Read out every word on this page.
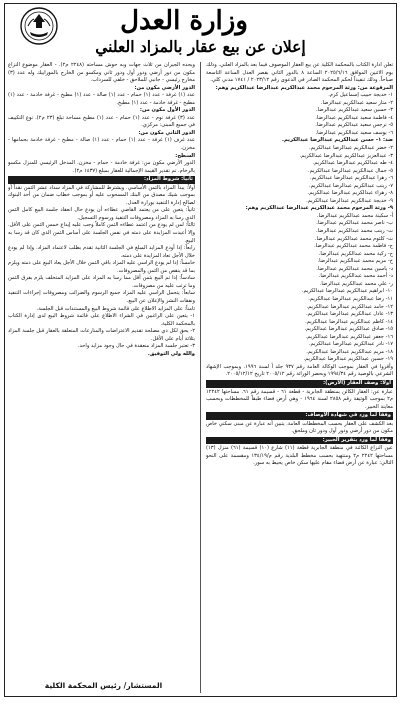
وزارة العدل
إعلان عن بيع عقار بالمزاد العلني

تعلن ادارة الكتاب بالمحكمة الكلية عن بيع العقار الموصوف فيما بعد بالمزاد العلني. وذلك يوم الاثنين الموافق ٢٠٢٥/٦/١٦ الساعة ٨ بالدور الثاني بقصر العدل الساعة التاسعة صباحاً. وذلك تنفيذاً لحكم المحكمة الصادر في الدعوى رقم ٢٠٢٣/١٢ / ١٧٤١ مدني كلي.

المرفوعة من: ورثة المرحوم محمد عبدالكريم عبدالرضا عبدالكريم وهم:

١- خديجة حبيب إسماعيل كرم.

٢- منار سعيد عبدالكريم عبدالرضا.

٣- حسين سعيد عبدالكريم عبدالرضا.

٤- فاطمة سعيد عبدالكريم عبدالرضا.

٥- نرجس سعيد عبدالكريم عبدالرضا.

٦- يوسف سعيد عبدالكريم عبدالرضا.

ضد: ١- حسن عبدالكريم عبدالرضا عبدالكريم.

٢- خضر عبدالكريم عبدالرضا عبدالكريم.

٣- عبدالعزيز عبدالكريم عبدالرضا عبدالكريم.

٤- طه عبدالكريم عبدالرضا عبدالكريم.

٥- جمال عبدالكريم عبدالرضا عبدالكريم.

٦- زهرا عبدالكريم عبدالرضا عبدالكريم.

٧- زينب عبدالكريم عبدالرضا عبدالكريم.

٨- زهراء عبدالكريم عبدالرضا عبدالكريم.

٩- خديجة عبدالكريم عبدالرضا عبدالكريم.

٩- ورثة المرحوم محمد عبدالكريم عبدالرضا عبدالكريم وهم:

أ- سكينة محمد عبدالكريم عبدالرضا.

ب- ناصر محمد عبدالكريم عبدالرضا.

ت- زينب محمد عبدالكريم عبدالرضا.

ث- كلثوم محمد عبدالكريم عبدالرضا.

ج- فاطمة محمد عبدالكريم عبدالرضا.

ح- زكية محمد عبدالكريم عبدالرضا.

خ- مريم محمد عبدالكريم عبدالرضا.

د- ياسين محمد عبدالكريم عبدالرضا.

ذ- أحمد محمد عبدالكريم عبدالرضا.

ر- علي محمد عبدالكريم عبدالرضا.

١٠- ابراهيم عبدالكريم عبدالرضا عبدالكريم.

١١- رضا عبدالكريم عبدالرضا عبدالكريم.

١٢- حامد عبدالكريم عبدالرضا عبدالكريم.

١٣- عادل عبدالكريم عبدالرضا عبدالكريم.

١٤- كاظم عبدالكريم عبدالرضا عبدالكريم.

١٥- صادق عبدالكريم عبدالرضا عبدالكريم.

١٦- جعفر عبدالكريم عبدالرضا عبدالكريم.

١٧- نادر عبدالكريم عبدالرضا عبدالكريم.

١٨- مريم عبدالكريم عبدالرضا عبدالكريم.

١٩- حسين عبدالكريم عبدالرضا عبدالكريم.

وأقروا في العقار بموجب الوكالة العامة رقم ٩٣٧ جلد أ لسنة ١٩٩٦. وبموجب الإشهاد الشرعي بالوصية رقم ١٩٩٤/٣٤ وبحصر الوراثة رقم ٢٠٠٥/١٢ تاريخ ٢٠٠٥/١٢/١٢.

أولاً: وصف العقار (الأرض):

عبارة عن: العقار الكائن بمنطقة الجابرية - قطعة ٦١ - قسيمة رقم ٦١. مساحتها ١٢٢٤٢ م٢ بموجب الوثيقة رقم ٢٨٥٨ لسنة ١٩٦٤ - وهي أرض فضاء طبقاً للمخططات وبحسب معاينة الخبير.

وفقاً لما ورد في شهادة الأوصاف:

بعد الكشف على العقار بحسب المخططات العامة. يتبين أنه عبارة عن مبنى سكني خاص مكون من دور أرضي ودور أول ودور ثان وملحق.

وفقاً لما ورد بتقرير الخبير:

عين النزاع الكائنة في منطقة الجابرية قطعة (١١) شارع (١٠) قسيمة (٦١) منزل (١٣) مساحتها ٢٢٤٢ م٢ ومنتهية بحسب مخطط البلدية رقم م/١٣٤/١٩ ومقسمة على النحو التالي: عبارة عن أرض فضاء مقام عليها سكن خاص يحيط به سور.

ويحده الجيران من ثلاث جهات وبه حوش مساحته (٢٢٤٨ م٢). - العقار موضوع النزاع مكون من دور أرضي ودور أول ودور ثاني ومكسو من الخارج بالموزاييك وله عدد (٣) مخارج رئيسي - جانبي للملاحق - خلفي للسرداب.

الدور الأرضي مكون من:

عدد (١) غرفة - عدد (١) حمام - عدد (١) صالة - عدد (١) مطبخ - غرفة خادمة - عدد (١) مطبخ - غرفة خادمة - عدد (١) مطبخ.

الدور الأول مكون من:

عدد (٣) غرفة نوم - عدد (١) حمام - عدد (١) مطبخ مساحة تبلغ (٢٣ م٢). نوع التكييف في جميع المبنى: مركزي.

الدور الثاني مكون من:

عدد غرف (١) غرفة - عدد (١) حمام - عدد (١) صالة - مطبخ - غرفة خادمة بحمامها - مخزن.

السطح:

الدور الأرضي مكون من: غرفة خادمة - حمام - مخزن. المدخل الرئيسي للمنزل مكسو بالرخام. تم تقدير القيمة الإجمالية للعقار بمبلغ (١٤٣٧ م٢).

ثانياً: شروط المزاد:

أولاً: يبدأ المزاد بالثمن الأساسي. ويشترط للمشاركة في المزاد سداد عشر الثمن نقداً أو بموجب شيك مصدق من البنك المسحوب عليه أو بموجب خطاب ضمان من أحد البنوك لصالح إدارة التنفيذ بوزارة العدل.

ثانياً: يتعين على من يعتمد القاضي عطاءه أن يودع حال انعقاد جلسة البيع كامل الثمن الذي رسا به المزاد ومصروفات التنفيذ ورسوم التسجيل.

ثالثاً: لمن لم يودع من اعتمد عطاءه الثمن كاملاً وجب عليه إيداع خمس الثمن على الأقل. وإلا أعيدت المزايدة على ذمته في نفس الجلسة على أساس الثمن الذي كان قد رسا به البيع.

رابعاً: إذا أودع المزايد المبلغ في الجلسة الثانية تقدم بطلب لاعتماد المزاد. وإذا لم يودع خلال الأجل تعاد المزايدة على ذمته.

خامساً: إذا لم يودع الراسي عليه المزاد باقي الثمن خلال الأجل يعاد البيع على ذمته ويلزم بما قد ينقص من الثمن والمصروفات.

سادساً: إذا تم البيع بثمن أقل مما رسا به المزاد على المزايد المتخلف يلزم بفرق الثمن وما ترتب عليه من مصروفات.

سابعاً: يتحمل الراسي عليه المزاد جميع الرسوم والضرائب ومصروفات إجراءات التنفيذ ونفقات النشر والإعلان عن البيع.

ثامناً: على المزايد الاطلاع على قائمة شروط البيع والمستندات قبل الجلسة.

١- يتعين على الراغبين في الشراء الاطلاع على قائمة شروط البيع لدى إدارة الكتاب بالمحكمة الكلية.

٢- يحق لكل ذي مصلحة تقديم الاعتراضات والمنازعات المتعلقة بالعقار قبل جلسة المزاد بثلاثة أيام على الأقل.

٣- تعتبر جلسة المزاد منعقدة في حال وجود مزايد واحد.

والله ولي التوفيق.

المستشار/ رئيس المحكمة الكلية
